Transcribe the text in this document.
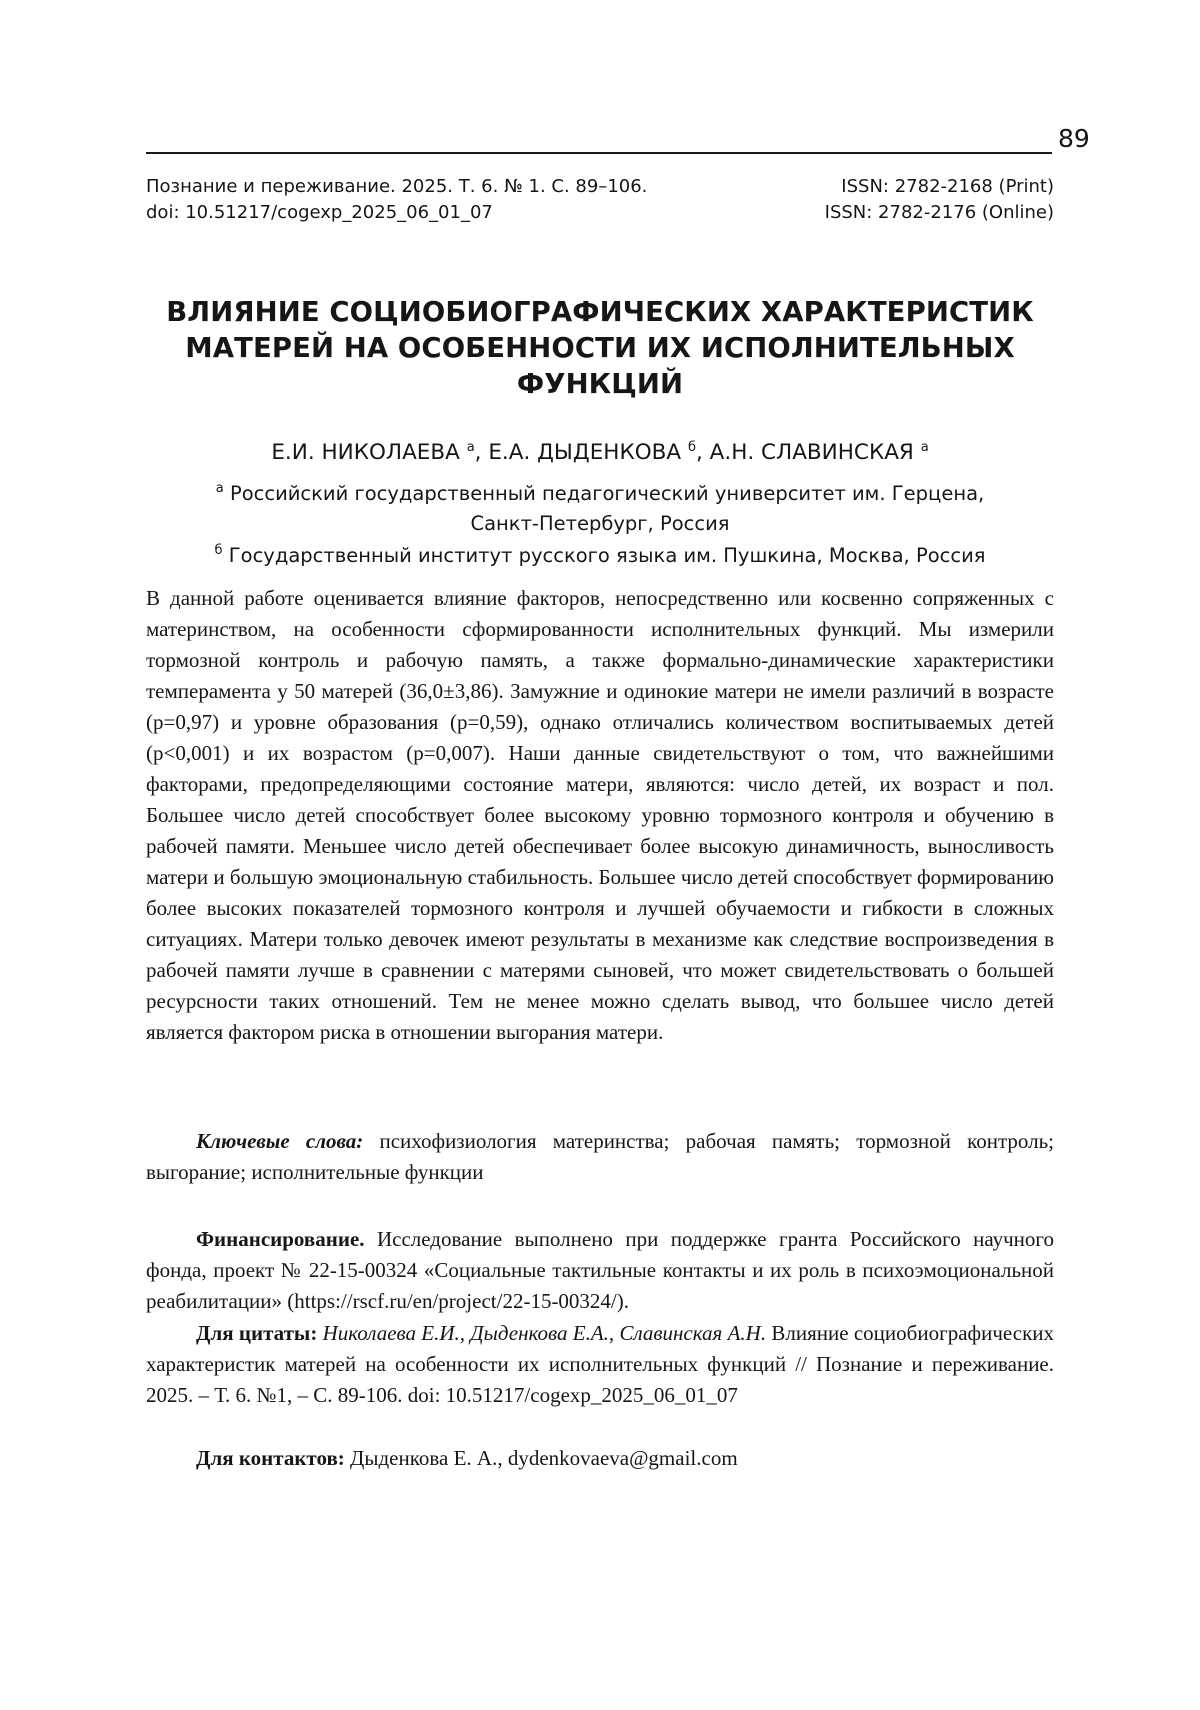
89
Познание и переживание. 2025. Т. 6. № 1. С. 89–106.
doi: 10.51217/cogexp_2025_06_01_07
ISSN: 2782-2168 (Print)
ISSN: 2782-2176 (Online)
ВЛИЯНИЕ СОЦИОБИОГРАФИЧЕСКИХ ХАРАКТЕРИСТИК МАТЕРЕЙ НА ОСОБЕННОСТИ ИХ ИСПОЛНИТЕЛЬНЫХ ФУНКЦИЙ
Е.И. НИКОЛАЕВА $^а$, Е.А. ДЫДЕНКОВА $^б$, А.Н. СЛАВИНСКАЯ $^а$
$^а$ Российский государственный педагогический университет им. Герцена,
Санкт-Петербург, Россия
$^б$ Государственный институт русского языка им. Пушкина, Москва, Россия

В данной работе оценивается влияние факторов, непосредственно или косвенно сопряженных с материнством, на особенности сформированности исполнительных функций. Мы измерили тормозной контроль и рабочую память, а также формально-динамические характеристики темперамента у 50 матерей (36,0±3,86). Замужние и одинокие матери не имели различий в возрасте (p=0,97) и уровне образования (p=0,59), однако отличались количеством воспитываемых детей (p<0,001) и их возрастом (p=0,007). Наши данные свидетельствуют о том, что важнейшими факторами, предопределяющими состояние матери, являются: число детей, их возраст и пол. Большее число детей способствует более высокому уровню тормозного контроля и обучению в рабочей памяти. Меньшее число детей обеспечивает более высокую динамичность, выносливость матери и большую эмоциональную стабильность. Большее число детей способствует формированию более высоких показателей тормозного контроля и лучшей обучаемости и гибкости в сложных ситуациях. Матери только девочек имеют результаты в механизме как следствие воспроизведения в рабочей памяти лучше в сравнении с матерями сыновей, что может свидетельствовать о большей ресурсности таких отношений. Тем не менее можно сделать вывод, что большее число детей является фактором риска в отношении выгорания матери.

Ключевые слова: психофизиология материнства; рабочая память; тормозной контроль; выгорание; исполнительные функции

Финансирование. Исследование выполнено при поддержке гранта Российского научного фонда, проект № 22-15-00324 «Социальные тактильные контакты и их роль в психоэмоциональной реабилитации» (https://rscf.ru/en/project/22-15-00324/).

Для цитаты: Николаева Е.И., Дыденкова Е.А., Славинская А.Н. Влияние социобиографических характеристик матерей на особенности их исполнительных функций // Познание и переживание. 2025. – Т. 6. №1, – С. 89-106. doi: 10.51217/cogexp_2025_06_01_07

Для контактов: Дыденкова Е. А., dydenkovaeva@gmail.com
